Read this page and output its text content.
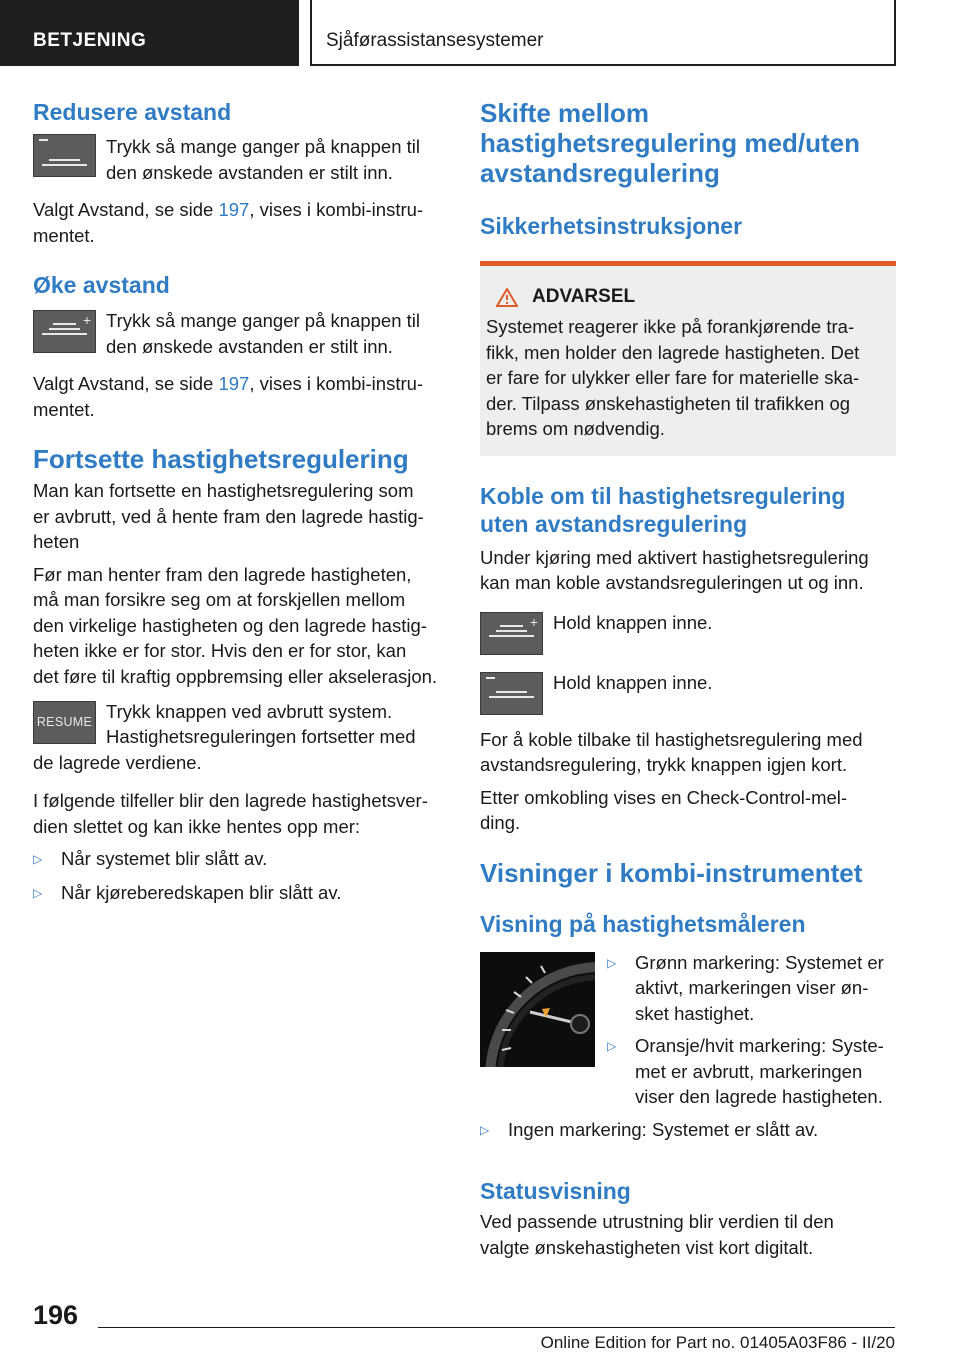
BETJENING	Sjåførassistansesystemer
Redusere avstand

Trykk så mange ganger på knappen til
den ønskede avstanden er stilt inn.

Valgt Avstand, se side 197, vises i kombi-instru-
mentet.

Øke avstand
+ Trykk så mange ganger på knappen til
den ønskede avstanden er stilt inn.

Valgt Avstand, se side 197, vises i kombi-instru-
mentet.

Fortsette hastighetsregulering

Man kan fortsette en hastighetsregulering som
er avbrutt, ved å hente fram den lagrede hastig-
heten

Før man henter fram den lagrede hastigheten,
må man forsikre seg om at forskjellen mellom
den virkelige hastigheten og den lagrede hastig-
heten ikke er for stor. Hvis den er for stor, kan
det føre til kraftig oppbremsing eller akselerasjon.

RESUME Trykk knappen ved avbrutt system.

Hastighetsreguleringen fortsetter med

de lagrede verdiene.

I følgende tilfeller blir den lagrede hastighetsver-
dien slettet og kan ikke hentes opp mer:

▷	Når systemet blir slått av.
▷	Når kjøreberedskapen blir slått av.
Skifte mellom
hastighetsregulering med/uten
avstandsregulering
Sikkerhetsinstruksjoner
ADVARSEL

Systemet reagerer ikke på forankjørende tra-
fikk, men holder den lagrede hastigheten. Det
er fare for ulykker eller fare for materielle ska-
der. Tilpass ønskehastigheten til trafikken og
brems om nødvendig.

Koble om til hastighetsregulering
uten avstandsregulering

Under kjøring med aktivert hastighetsregulering
kan man koble avstandsreguleringen ut og inn.

+ Hold knappen inne.

Hold knappen inne.

For å koble tilbake til hastighetsregulering med
avstandsregulering, trykk knappen igjen kort.

Etter omkobling vises en Check-Control-mel-
ding.

Visninger i kombi-instrumentet
Visning på hastighetsmåleren
▷	Grønn markering: Systemet er
aktivt, markeringen viser øn-
sket hastighet.
▷	Oransje/hvit markering: Syste-
met er avbrutt, markeringen
viser den lagrede hastigheten.
▷	Ingen markering: Systemet er slått av.
Statusvisning

Ved passende utrustning blir verdien til den
valgte ønskehastigheten vist kort digitalt.

196
Online Edition for Part no. 01405A03F86 - II/20
